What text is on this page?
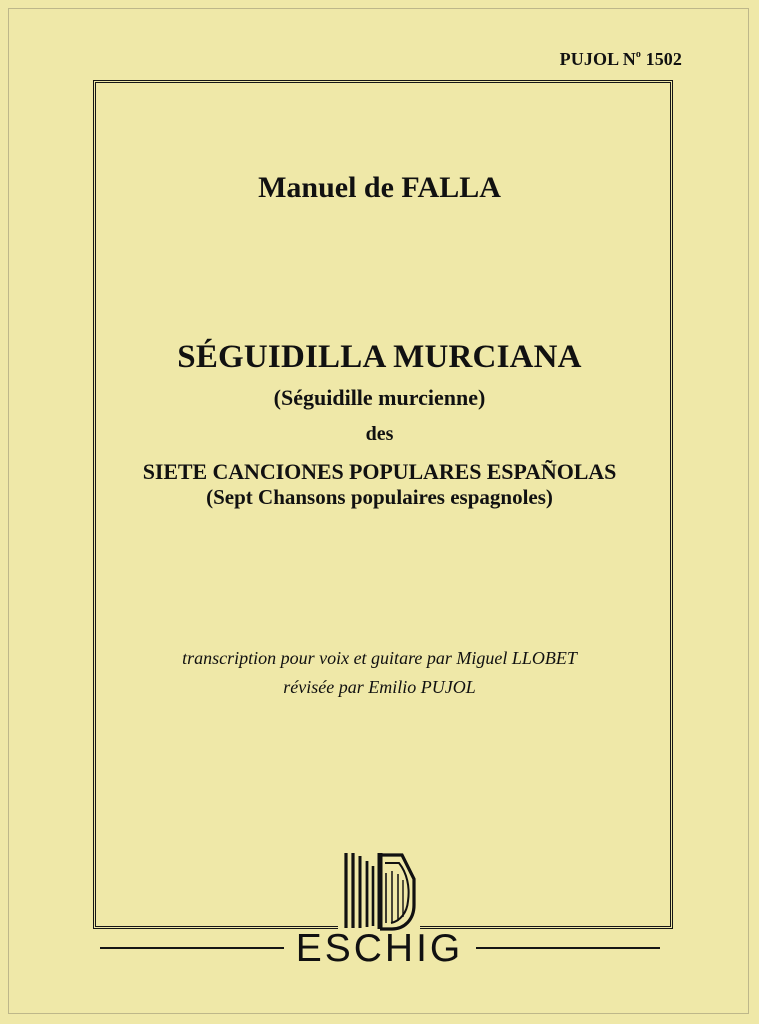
PUJOL $N^o$ 1502
Manuel de FALLA
SÉGUIDILLA MURCIANA
(Séguidille murcienne)
des
SIETE CANCIONES POPULARES ESPAÑOLAS
(Sept Chansons populaires espagnoles)
transcription pour voix et guitare par Miguel LLOBET
révisée par Emilio PUJOL
ESCHIG
